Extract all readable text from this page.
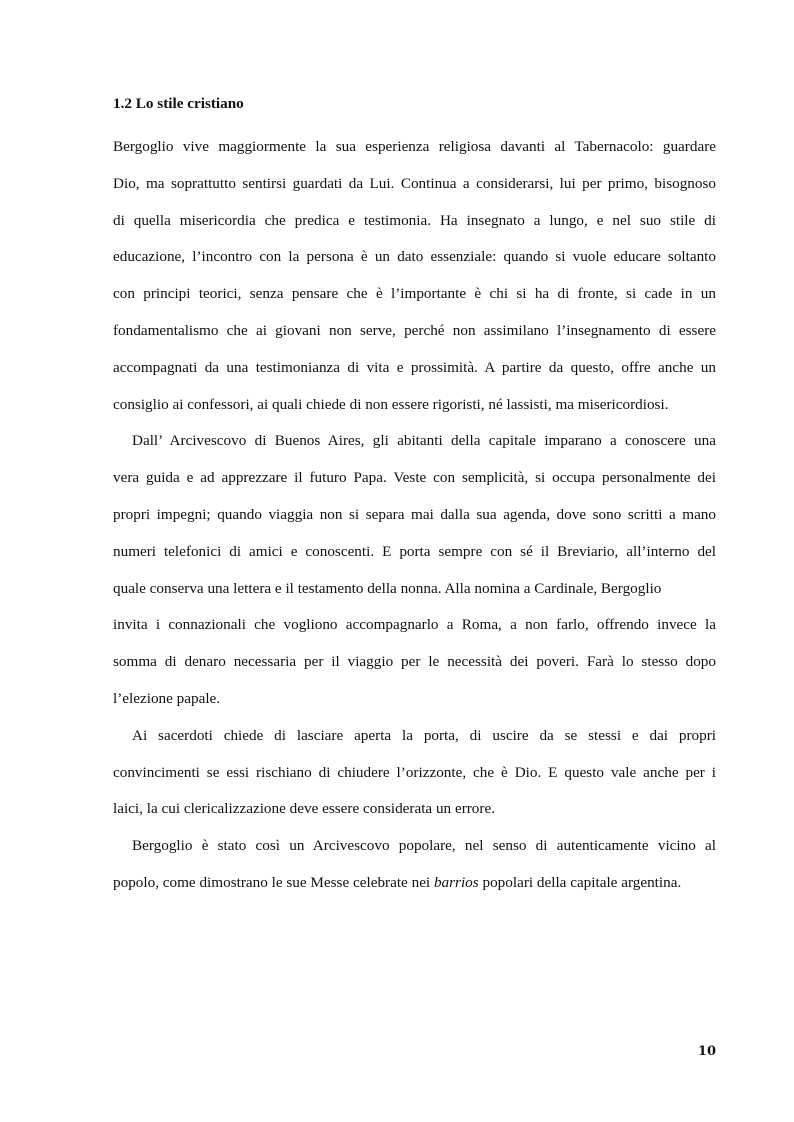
1.2 Lo stile cristiano
Bergoglio vive maggiormente la sua esperienza religiosa davanti al Tabernacolo: guardare
Dio, ma soprattutto sentirsi guardati da Lui. Continua a considerarsi, lui per primo, bisognoso
di quella misericordia che predica e testimonia. Ha insegnato a lungo, e nel suo stile di
educazione, l’incontro con la persona è un dato essenziale: quando si vuole educare soltanto
con principi teorici, senza pensare che è l’importante è chi si ha di fronte, si cade in un
fondamentalismo che ai giovani non serve, perché non assimilano l’insegnamento di essere
accompagnati da una testimonianza di vita e prossimità. A partire da questo, offre anche un
consiglio ai confessori, ai quali chiede di non essere rigoristi, né lassisti, ma misericordiosi.
Dall’ Arcivescovo di Buenos Aires, gli abitanti della capitale imparano a conoscere una
vera guida e ad apprezzare il futuro Papa. Veste con semplicità, si occupa personalmente dei
propri impegni; quando viaggia non si separa mai dalla sua agenda, dove sono scritti a mano
numeri telefonici di amici e conoscenti. E porta sempre con sé il Breviario, all’interno del
quale conserva una lettera e il testamento della nonna. Alla nomina a Cardinale, Bergoglio
invita i connazionali che vogliono accompagnarlo a Roma, a non farlo, offrendo invece la
somma di denaro necessaria per il viaggio per le necessità dei poveri. Farà lo stesso dopo
l’elezione papale.
Ai sacerdoti chiede di lasciare aperta la porta, di uscire da se stessi e dai propri
convincimenti se essi rischiano di chiudere l’orizzonte, che è Dio. E questo vale anche per i
laici, la cui clericalizzazione deve essere considerata un errore.
Bergoglio è stato così un Arcivescovo popolare, nel senso di autenticamente vicino al
popolo, come dimostrano le sue Messe celebrate nei barrios popolari della capitale argentina.
10
